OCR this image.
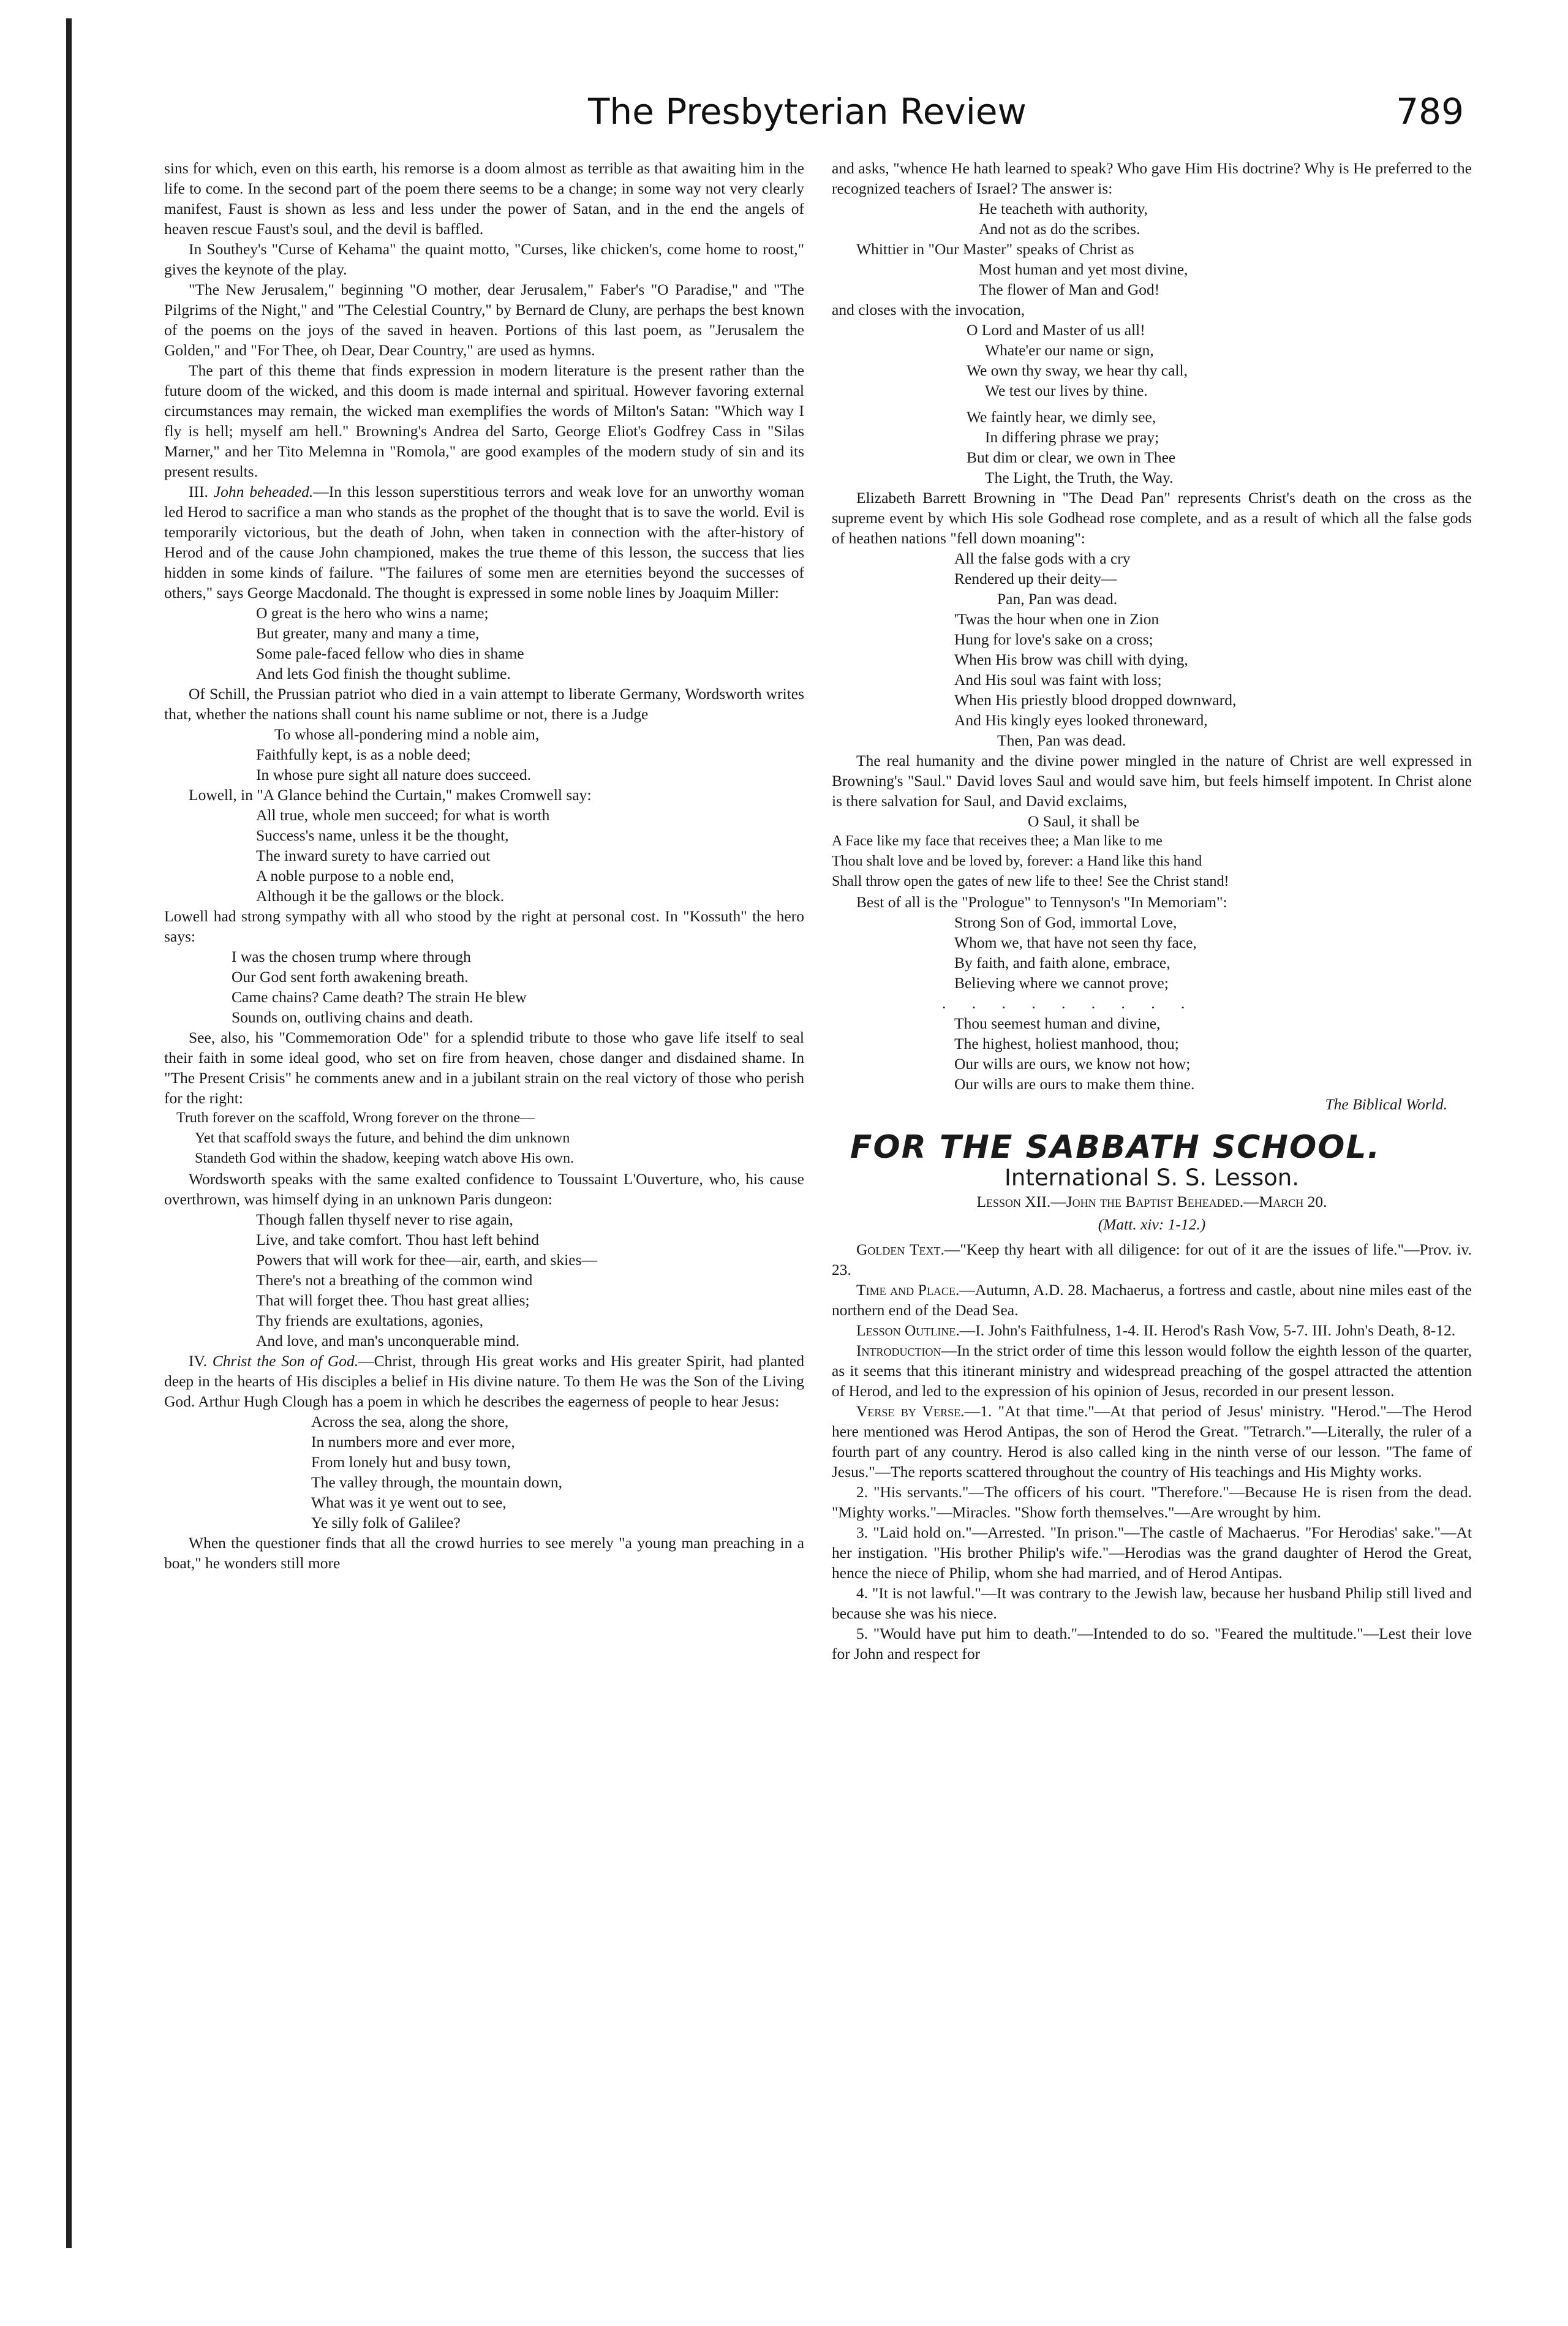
The Presbyterian Review	789

sins for which, even on this earth, his remorse is a doom almost as terrible as that awaiting him in the life to come. In the second part of the poem there seems to be a change; in some way not very clearly manifest, Faust is shown as less and less under the power of Satan, and in the end the angels of heaven rescue Faust's soul, and the devil is baffled.

In Southey's "Curse of Kehama" the quaint motto, "Curses, like chicken's, come home to roost," gives the keynote of the play.

"The New Jerusalem," beginning "O mother, dear Jerusalem," Faber's "O Paradise," and "The Pilgrims of the Night," and "The Celestial Country," by Bernard de Cluny, are perhaps the best known of the poems on the joys of the saved in heaven. Portions of this last poem, as "Jerusalem the Golden," and "For Thee, oh Dear, Dear Country," are used as hymns.

The part of this theme that finds expression in modern literature is the present rather than the future doom of the wicked, and this doom is made internal and spiritual. However favoring external circumstances may remain, the wicked man exemplifies the words of Milton's Satan: "Which way I fly is hell; myself am hell." Browning's Andrea del Sarto, George Eliot's Godfrey Cass in "Silas Marner," and her Tito Melemna in "Romola," are good examples of the modern study of sin and its present results.

III. John beheaded.—In this lesson superstitious terrors and weak love for an unworthy woman led Herod to sacrifice a man who stands as the prophet of the thought that is to save the world. Evil is temporarily victorious, but the death of John, when taken in connection with the after-history of Herod and of the cause John championed, makes the true theme of this lesson, the success that lies hidden in some kinds of failure. "The failures of some men are eternities beyond the successes of others," says George Macdonald. The thought is expressed in some noble lines by Joaquim Miller:

O great is the hero who wins a name;
But greater, many and many a time,
Some pale-faced fellow who dies in shame
And lets God finish the thought sublime.

Of Schill, the Prussian patriot who died in a vain attempt to liberate Germany, Wordsworth writes that, whether the nations shall count his name sublime or not, there is a Judge

To whose all-pondering mind a noble aim,
Faithfully kept, is as a noble deed;
In whose pure sight all nature does succeed.

Lowell, in "A Glance behind the Curtain," makes Cromwell say:

All true, whole men succeed; for what is worth
Success's name, unless it be the thought,
The inward surety to have carried out
A noble purpose to a noble end,
Although it be the gallows or the block.

Lowell had strong sympathy with all who stood by the right at personal cost. In "Kossuth" the hero says:

I was the chosen trump where through
Our God sent forth awakening breath.
Came chains? Came death? The strain He blew
Sounds on, outliving chains and death.

See, also, his "Commemoration Ode" for a splendid tribute to those who gave life itself to seal their faith in some ideal good, who set on fire from heaven, chose danger and disdained shame. In "The Present Crisis" he comments anew and in a jubilant strain on the real victory of those who perish for the right:

Truth forever on the scaffold, Wrong forever on the throne—
Yet that scaffold sways the future, and behind the dim unknown
Standeth God within the shadow, keeping watch above His own.

Wordsworth speaks with the same exalted confidence to Toussaint L'Ouverture, who, his cause overthrown, was himself dying in an unknown Paris dungeon:

Though fallen thyself never to rise again,
Live, and take comfort. Thou hast left behind
Powers that will work for thee—air, earth, and skies—
There's not a breathing of the common wind
That will forget thee. Thou hast great allies;
Thy friends are exultations, agonies,
And love, and man's unconquerable mind.

IV. Christ the Son of God.—Christ, through His great works and His greater Spirit, had planted deep in the hearts of His disciples a belief in His divine nature. To them He was the Son of the Living God. Arthur Hugh Clough has a poem in which he describes the eagerness of people to hear Jesus:

Across the sea, along the shore,
In numbers more and ever more,
From lonely hut and busy town,
The valley through, the mountain down,
What was it ye went out to see,
Ye silly folk of Galilee?

When the questioner finds that all the crowd hurries to see merely "a young man preaching in a boat," he wonders still more

and asks, "whence He hath learned to speak? Who gave Him His doctrine? Why is He preferred to the recognized teachers of Israel? The answer is:

He teacheth with authority,
And not as do the scribes.

Whittier in "Our Master" speaks of Christ as

Most human and yet most divine,
The flower of Man and God!

and closes with the invocation,

O Lord and Master of us all!
Whate'er our name or sign,
We own thy sway, we hear thy call,
We test our lives by thine.
We faintly hear, we dimly see,
In differing phrase we pray;
But dim or clear, we own in Thee
The Light, the Truth, the Way.

Elizabeth Barrett Browning in "The Dead Pan" represents Christ's death on the cross as the supreme event by which His sole Godhead rose complete, and as a result of which all the false gods of heathen nations "fell down moaning":

All the false gods with a cry
Rendered up their deity—
Pan, Pan was dead.
'Twas the hour when one in Zion
Hung for love's sake on a cross;
When His brow was chill with dying,
And His soul was faint with loss;
When His priestly blood dropped downward,
And His kingly eyes looked throneward,
Then, Pan was dead.

The real humanity and the divine power mingled in the nature of Christ are well expressed in Browning's "Saul." David loves Saul and would save him, but feels himself impotent. In Christ alone is there salvation for Saul, and David exclaims,

O Saul, it shall be
A Face like my face that receives thee; a Man like to me
Thou shalt love and be loved by, forever: a Hand like this hand
Shall throw open the gates of new life to thee! See the Christ stand!

Best of all is the "Prologue" to Tennyson's "In Memoriam":

Strong Son of God, immortal Love,
Whom we, that have not seen thy face,
By faith, and faith alone, embrace,
Believing where we cannot prove;
. . . . . . . . .
Thou seemest human and divine,
The highest, holiest manhood, thou;
Our wills are ours, we know not how;
Our wills are ours to make them thine.
The Biblical World.
FOR THE SABBATH SCHOOL.
International S. S. Lesson.
Lesson XII.—John the Baptist Beheaded.—March 20.
(Matt. xiv: 1-12.)

Golden Text.—"Keep thy heart with all diligence: for out of it are the issues of life."—Prov. iv. 23.

Time and Place.—Autumn, A.D. 28. Machaerus, a fortress and castle, about nine miles east of the northern end of the Dead Sea.

Lesson Outline.—I. John's Faithfulness, 1-4. II. Herod's Rash Vow, 5-7. III. John's Death, 8-12.

Introduction—In the strict order of time this lesson would follow the eighth lesson of the quarter, as it seems that this itinerant ministry and widespread preaching of the gospel attracted the attention of Herod, and led to the expression of his opinion of Jesus, recorded in our present lesson.

Verse by Verse.—1. "At that time."—At that period of Jesus' ministry. "Herod."—The Herod here mentioned was Herod Antipas, the son of Herod the Great. "Tetrarch."—Literally, the ruler of a fourth part of any country. Herod is also called king in the ninth verse of our lesson. "The fame of Jesus."—The reports scattered throughout the country of His teachings and His Mighty works.

2. "His servants."—The officers of his court. "Therefore."—Because He is risen from the dead. "Mighty works."—Miracles. "Show forth themselves."—Are wrought by him.

3. "Laid hold on."—Arrested. "In prison."—The castle of Machaerus. "For Herodias' sake."—At her instigation. "His brother Philip's wife."—Herodias was the grand daughter of Herod the Great, hence the niece of Philip, whom she had married, and of Herod Antipas.

4. "It is not lawful."—It was contrary to the Jewish law, because her husband Philip still lived and because she was his niece.

5. "Would have put him to death."—Intended to do so. "Feared the multitude."—Lest their love for John and respect for
